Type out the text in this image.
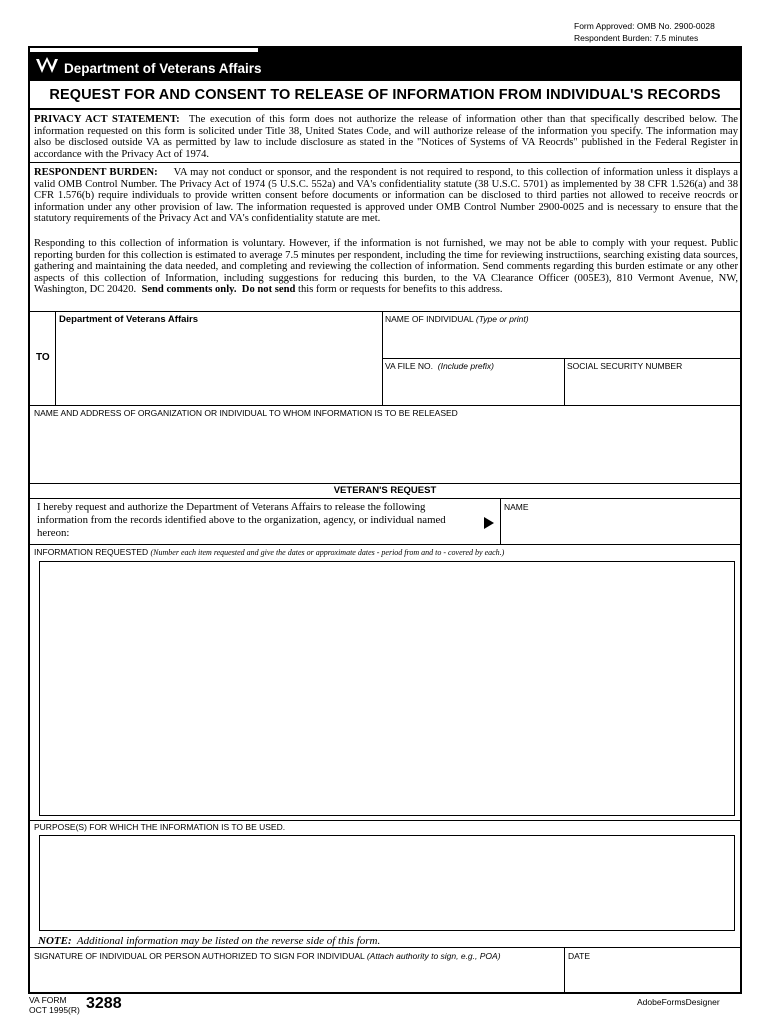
Form Approved: OMB No. 2900-0028
Respondent Burden: 7.5 minutes
Department of Veterans Affairs
REQUEST FOR AND CONSENT TO RELEASE OF INFORMATION FROM INDIVIDUAL'S RECORDS
PRIVACY ACT STATEMENT: The execution of this form does not authorize the release of information other than that specifically described below. The information requested on this form is solicited under Title 38, United States Code, and will authorize release of the information you specify. The information may also be disclosed outside VA as permitted by law to include disclosure as stated in the "Notices of Systems of VA Reocrds" published in the Federal Register in accordance with the Privacy Act of 1974.
RESPONDENT BURDEN: VA may not conduct or sponsor, and the respondent is not required to respond, to this collection of information unless it displays a valid OMB Control Number. The Privacy Act of 1974 (5 U.S.C. 552a) and VA's confidentiality statute (38 U.S.C. 5701) as implemented by 38 CFR 1.526(a) and 38 CFR 1.576(b) require individuals to provide written consent before documents or information can be disclosed to third parties not allowed to receive reocrds or information under any other provision of law. The information requested is approved under OMB Control Number 2900-0025 and is necessary to ensure that the statutory requirements of the Privacy Act and VA's confidentiality statute are met.
Responding to this collection of information is voluntary. However, if the information is not furnished, we may not be able to comply with your request. Public reporting burden for this collection is estimated to average 7.5 minutes per respondent, including the time for reviewing instructiions, searching existing data sources, gathering and maintaining the data needed, and completing and reviewing the collection of information. Send comments regarding this burden estimate or any other aspects of this collection of Information, including suggestions for reducing this burden, to the VA Clearance Officer (005E3), 810 Vermont Avenue, NW, Washington, DC 20420. Send comments only. Do not send this form or requests for benefits to this address.
TO
Department of Veterans Affairs	NAME OF INDIVIDUAL (Type or print)
VA FILE NO. (Include prefix)	SOCIAL SECURITY NUMBER
NAME AND ADDRESS OF ORGANIZATION OR INDIVIDUAL TO WHOM INFORMATION IS TO BE RELEASED
VETERAN'S REQUEST
I hereby request and authorize the Department of Veterans Affairs to release the following information from the records identified above to the organization, agency, or individual named hereon:
NAME
INFORMATION REQUESTED (Number each item requested and give the dates or approximate dates - period from and to - covered by each.)
PURPOSE(S) FOR WHICH THE INFORMATION IS TO BE USED.
NOTE: Additional information may be listed on the reverse side of this form.
SIGNATURE OF INDIVIDUAL OR PERSON AUTHORIZED TO SIGN FOR INDIVIDUAL (Attach authority to sign, e.g., POA)	DATE
VA FORM
OCT 1995(R) 3288	AdobeFormsDesigner
